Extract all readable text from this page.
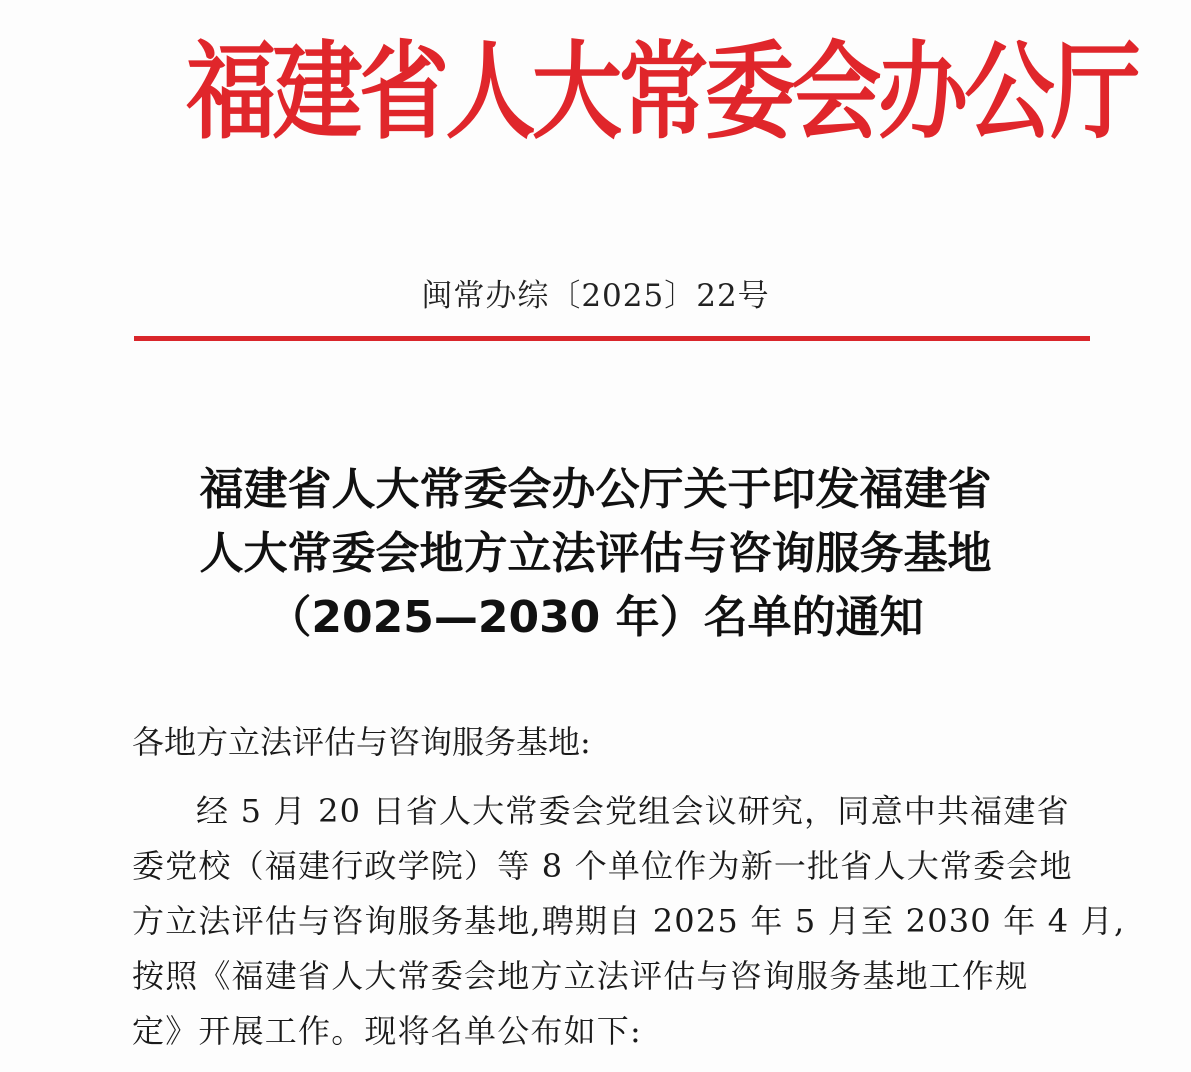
福建省人大常委会办公厅
闽常办综〔2025〕22号
福建省人大常委会办公厅关于印发福建省
人大常委会地方立法评估与咨询服务基地
（2025—2030 年）名单的通知
各地方立法评估与咨询服务基地:
经 5 月 20 日省人大常委会党组会议研究，同意中共福建省
委党校（福建行政学院）等 8 个单位作为新一批省人大常委会地
方立法评估与咨询服务基地,聘期自 2025 年 5 月至 2030 年 4 月,
按照《福建省人大常委会地方立法评估与咨询服务基地工作规
定》开展工作。现将名单公布如下:
